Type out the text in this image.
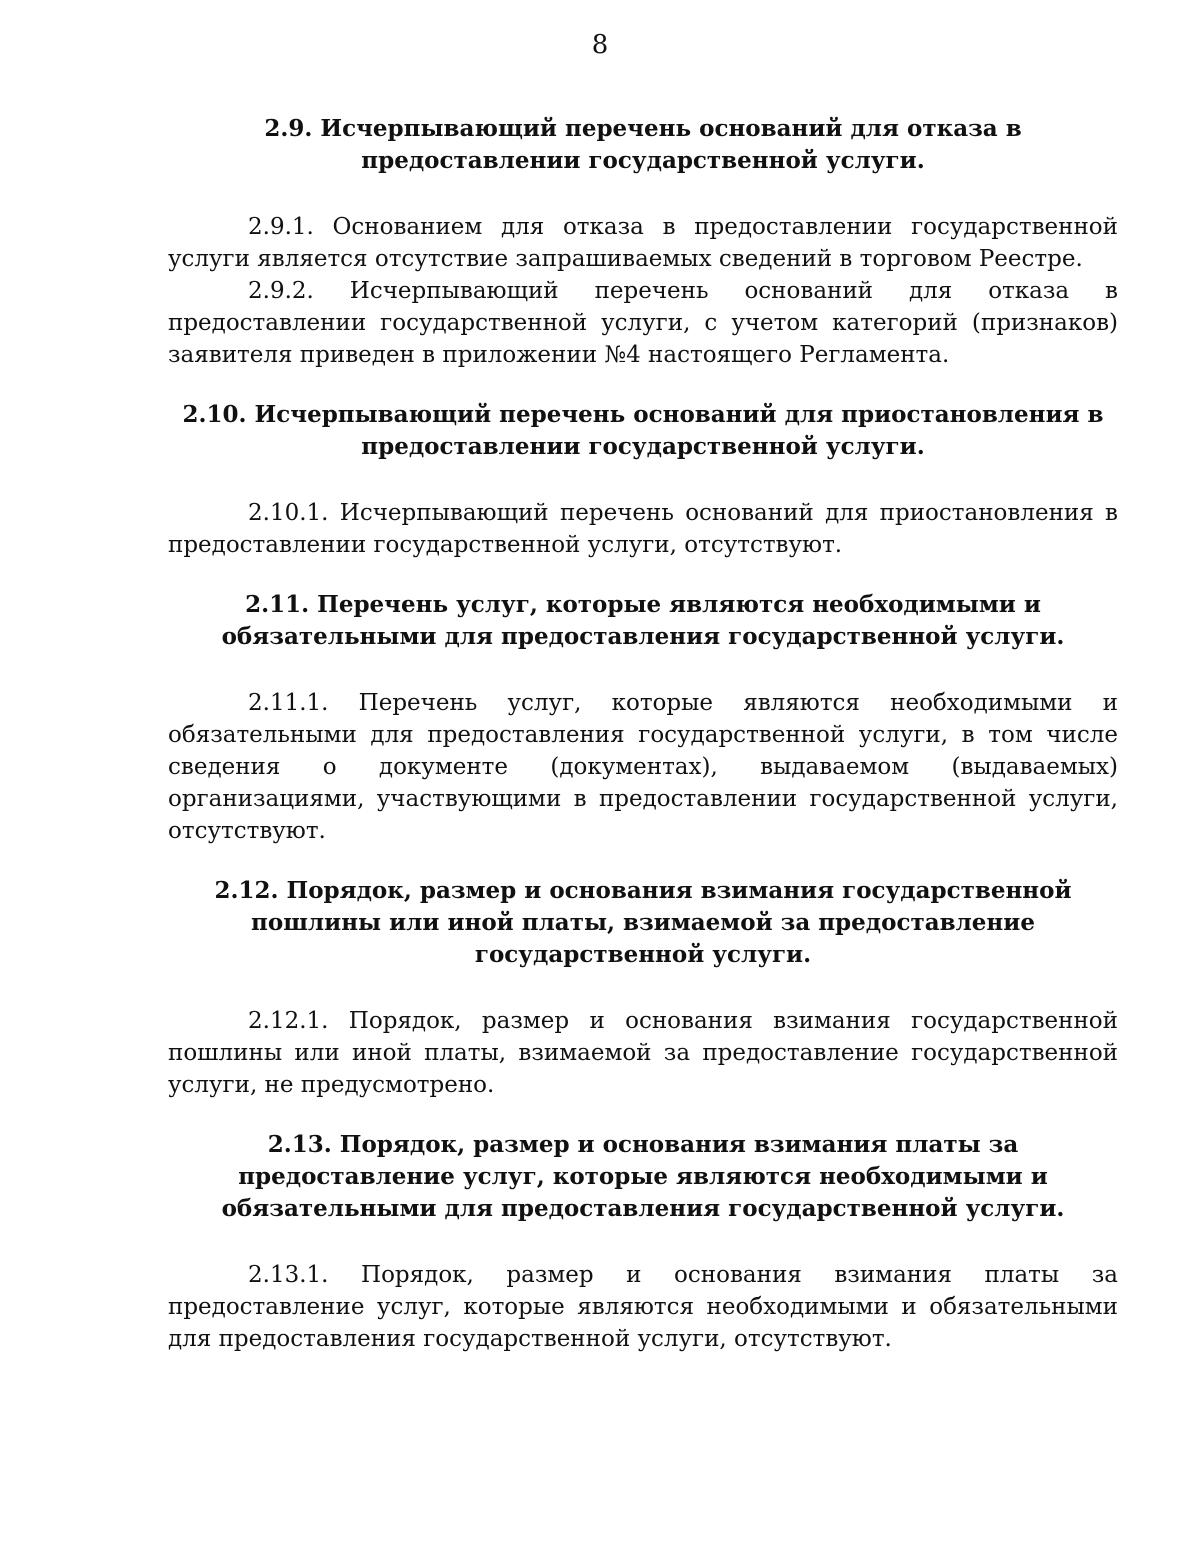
8
2.9. Исчерпывающий перечень оснований для отказа в предоставлении государственной услуги.

2.9.1. Основанием для отказа в предоставлении государственной услуги является отсутствие запрашиваемых сведений в торговом Реестре.

2.9.2. Исчерпывающий перечень оснований для отказа в предоставлении государственной услуги, с учетом категорий (признаков) заявителя приведен в приложении №4 настоящего Регламента.

2.10. Исчерпывающий перечень оснований для приостановления в предоставлении государственной услуги.

2.10.1. Исчерпывающий перечень оснований для приостановления в предоставлении государственной услуги, отсутствуют.

2.11. Перечень услуг, которые являются необходимыми и обязательными для предоставления государственной услуги.

2.11.1. Перечень услуг, которые являются необходимыми и обязательными для предоставления государственной услуги, в том числе сведения о документе (документах), выдаваемом (выдаваемых) организациями, участвующими в предоставлении государственной услуги, отсутствуют.

2.12. Порядок, размер и основания взимания государственной пошлины или иной платы, взимаемой за предоставление государственной услуги.

2.12.1. Порядок, размер и основания взимания государственной пошлины или иной платы, взимаемой за предоставление государственной услуги, не предусмотрено.

2.13. Порядок, размер и основания взимания платы за предоставление услуг, которые являются необходимыми и обязательными для предоставления государственной услуги.

2.13.1. Порядок, размер и основания взимания платы за предоставление услуг, которые являются необходимыми и обязательными для предоставления государственной услуги, отсутствуют.
